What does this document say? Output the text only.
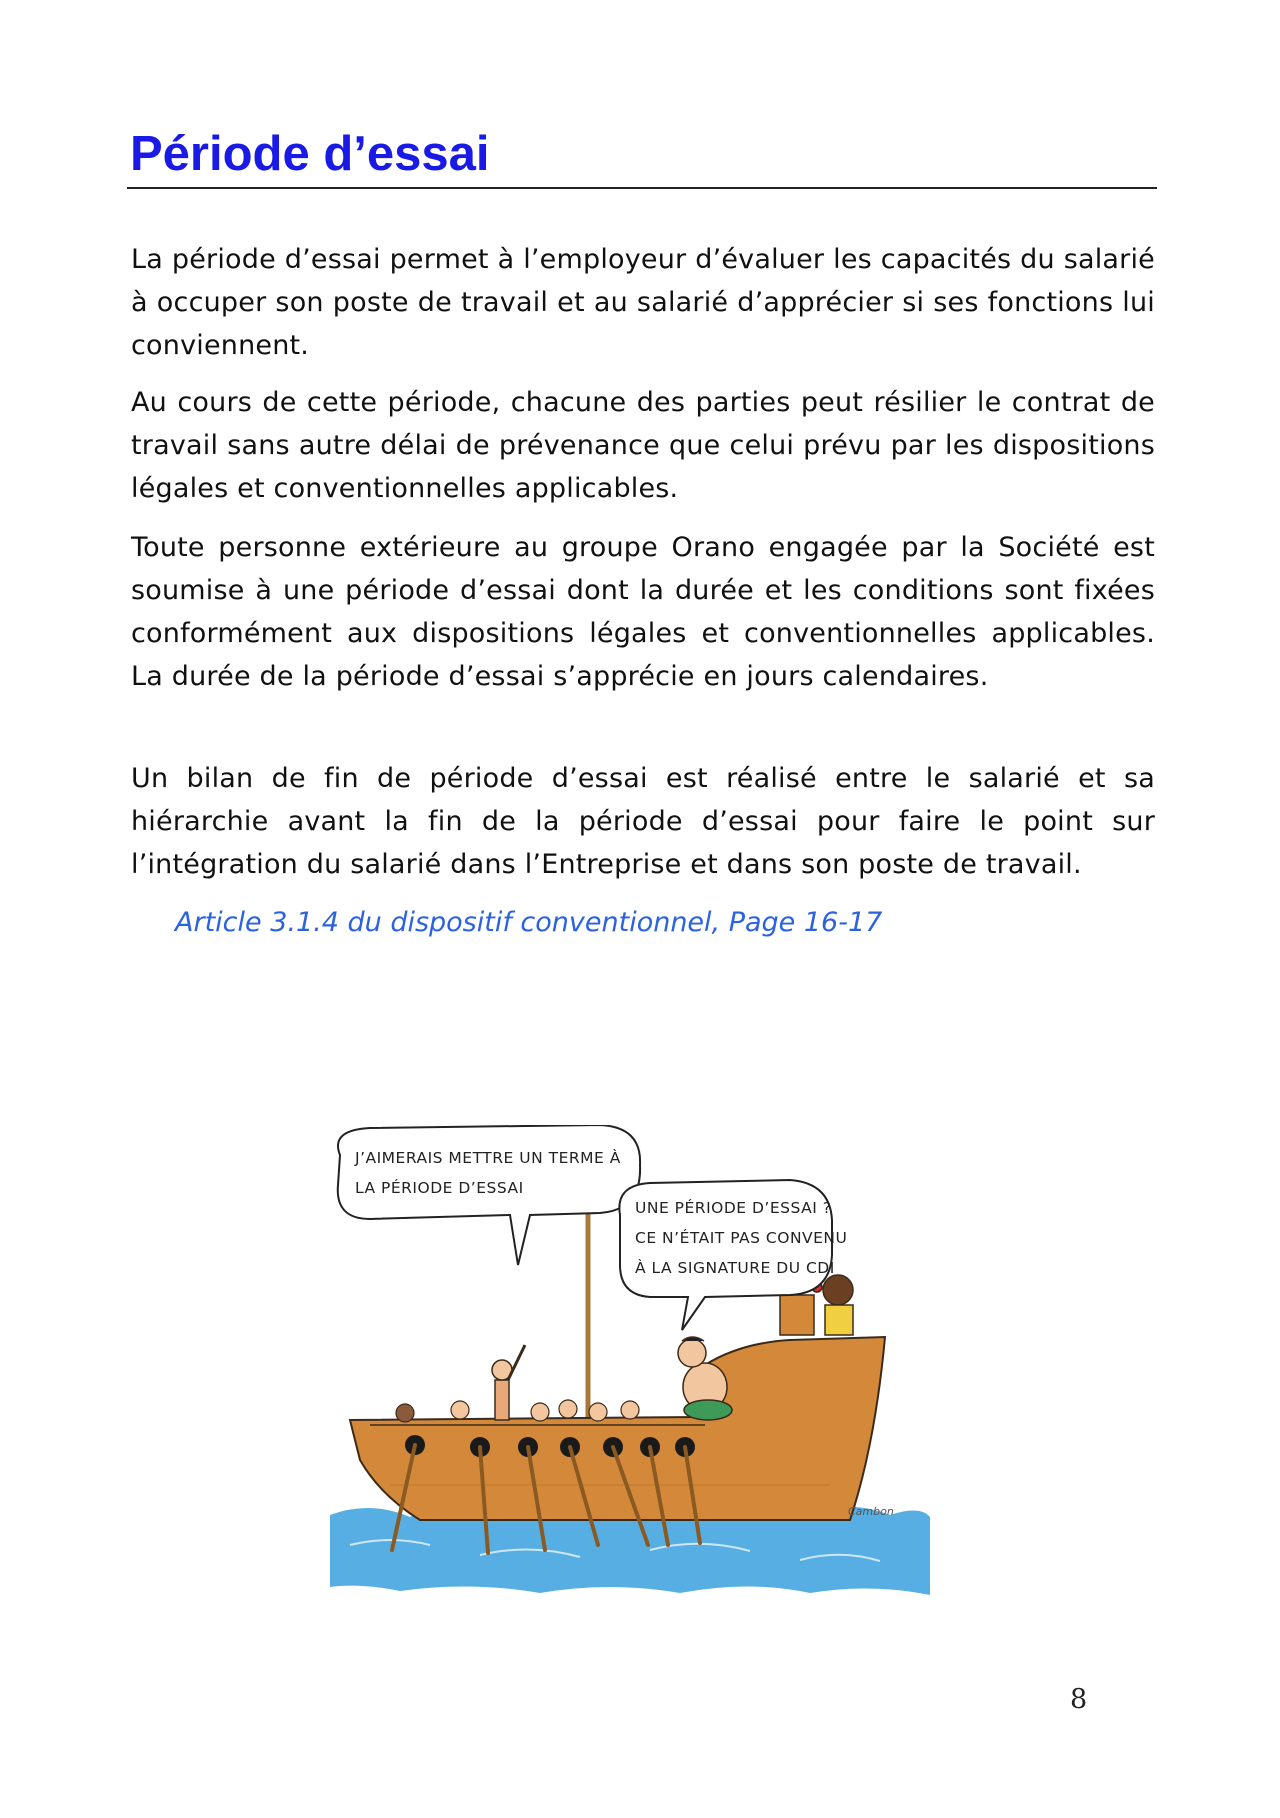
Période d’essai

La période d’essai permet à l’employeur d’évaluer les capacités du salarié à occuper son poste de travail et au salarié d’apprécier si ses fonctions lui conviennent.

Au cours de cette période, chacune des parties peut résilier le contrat de travail sans autre délai de prévenance que celui prévu par les dispositions légales et conventionnelles applicables.

Toute personne extérieure au groupe Orano engagée par la Société est soumise à une période d’essai dont la durée et les conditions sont fixées conformément aux dispositions légales et conventionnelles applicables. La durée de la période d’essai s’apprécie en jours calendaires.

Un bilan de fin de période d’essai est réalisé entre le salarié et sa hiérarchie avant la fin de la période d’essai pour faire le point sur l’intégration du salarié dans l’Entreprise et dans son poste de travail.

Article 3.1.4 du dispositif conventionnel, Page 16-17

J’AIMERAIS METTRE UN TERME À
LA PÉRIODE D’ESSAI
UNE PÉRIODE D’ESSAI ?
CE N’ÉTAIT PAS CONVENU
À LA SIGNATURE DU CDI
Cambon

8
